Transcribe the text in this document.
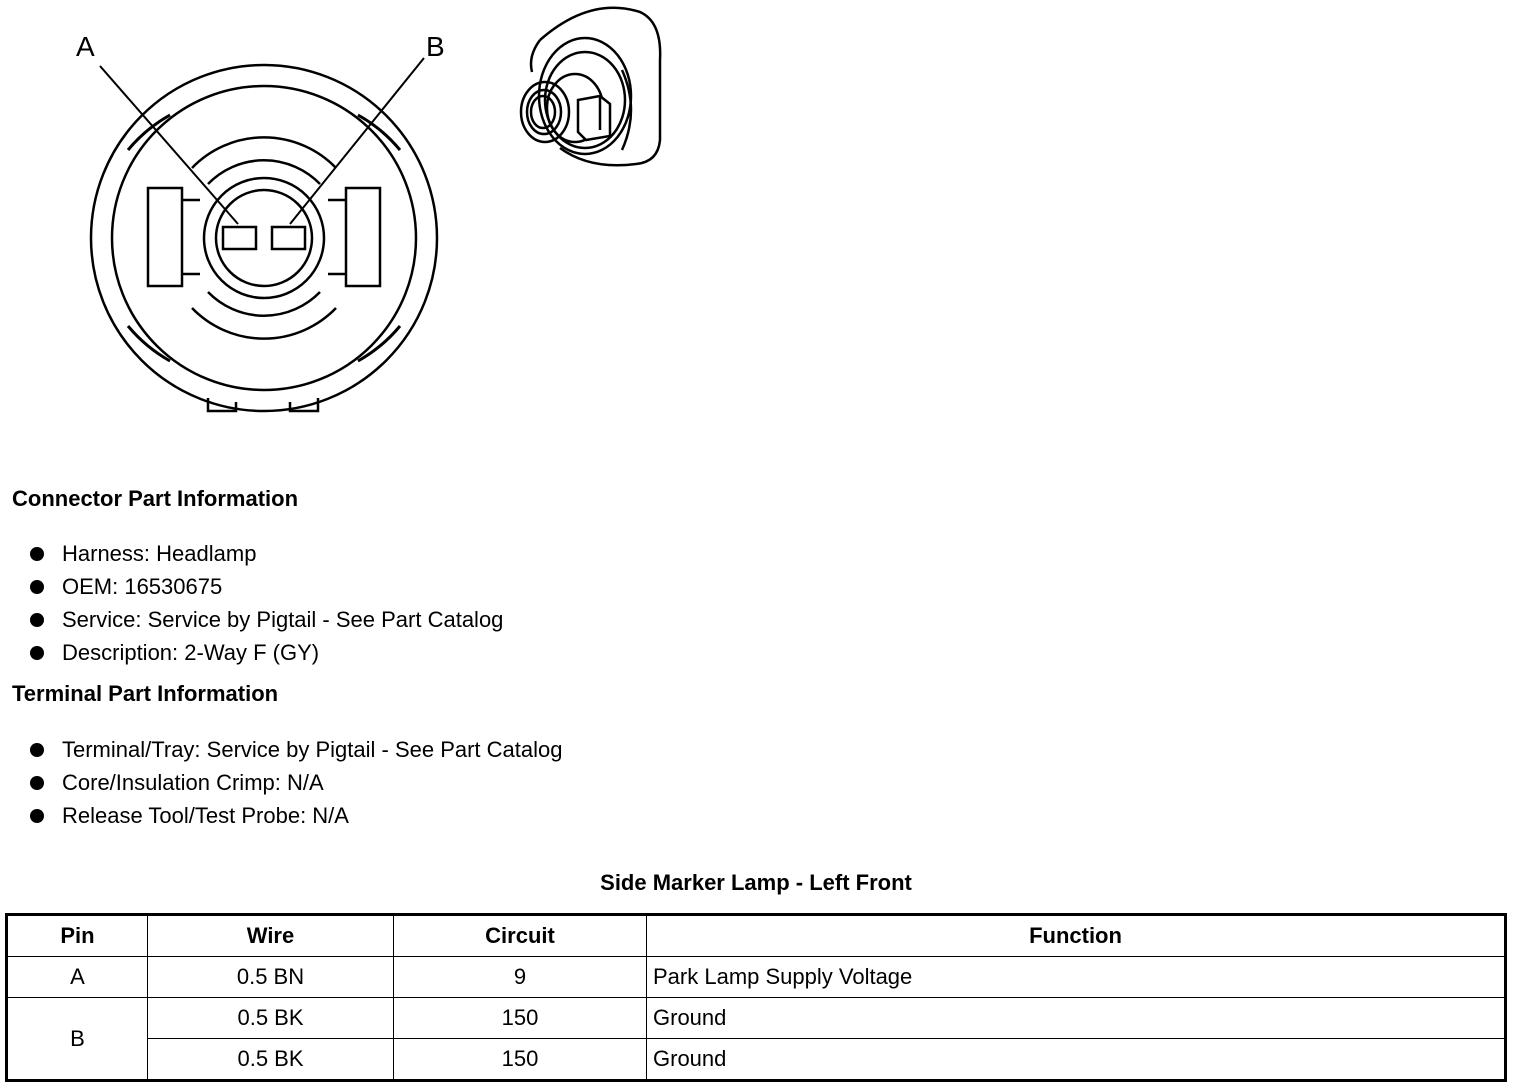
A	B
Connector Part Information
Harness: Headlamp
OEM: 16530675
Service: Service by Pigtail - See Part Catalog
Description: 2-Way F (GY)
Terminal Part Information
Terminal/Tray: Service by Pigtail - See Part Catalog
Core/Insulation Crimp: N/A
Release Tool/Test Probe: N/A
Side Marker Lamp - Left Front
Pin	Wire	Circuit	Function
A	0.5 BN	9	Park Lamp Supply Voltage
B	0.5 BK	150	Ground
	0.5 BK	150	Ground
